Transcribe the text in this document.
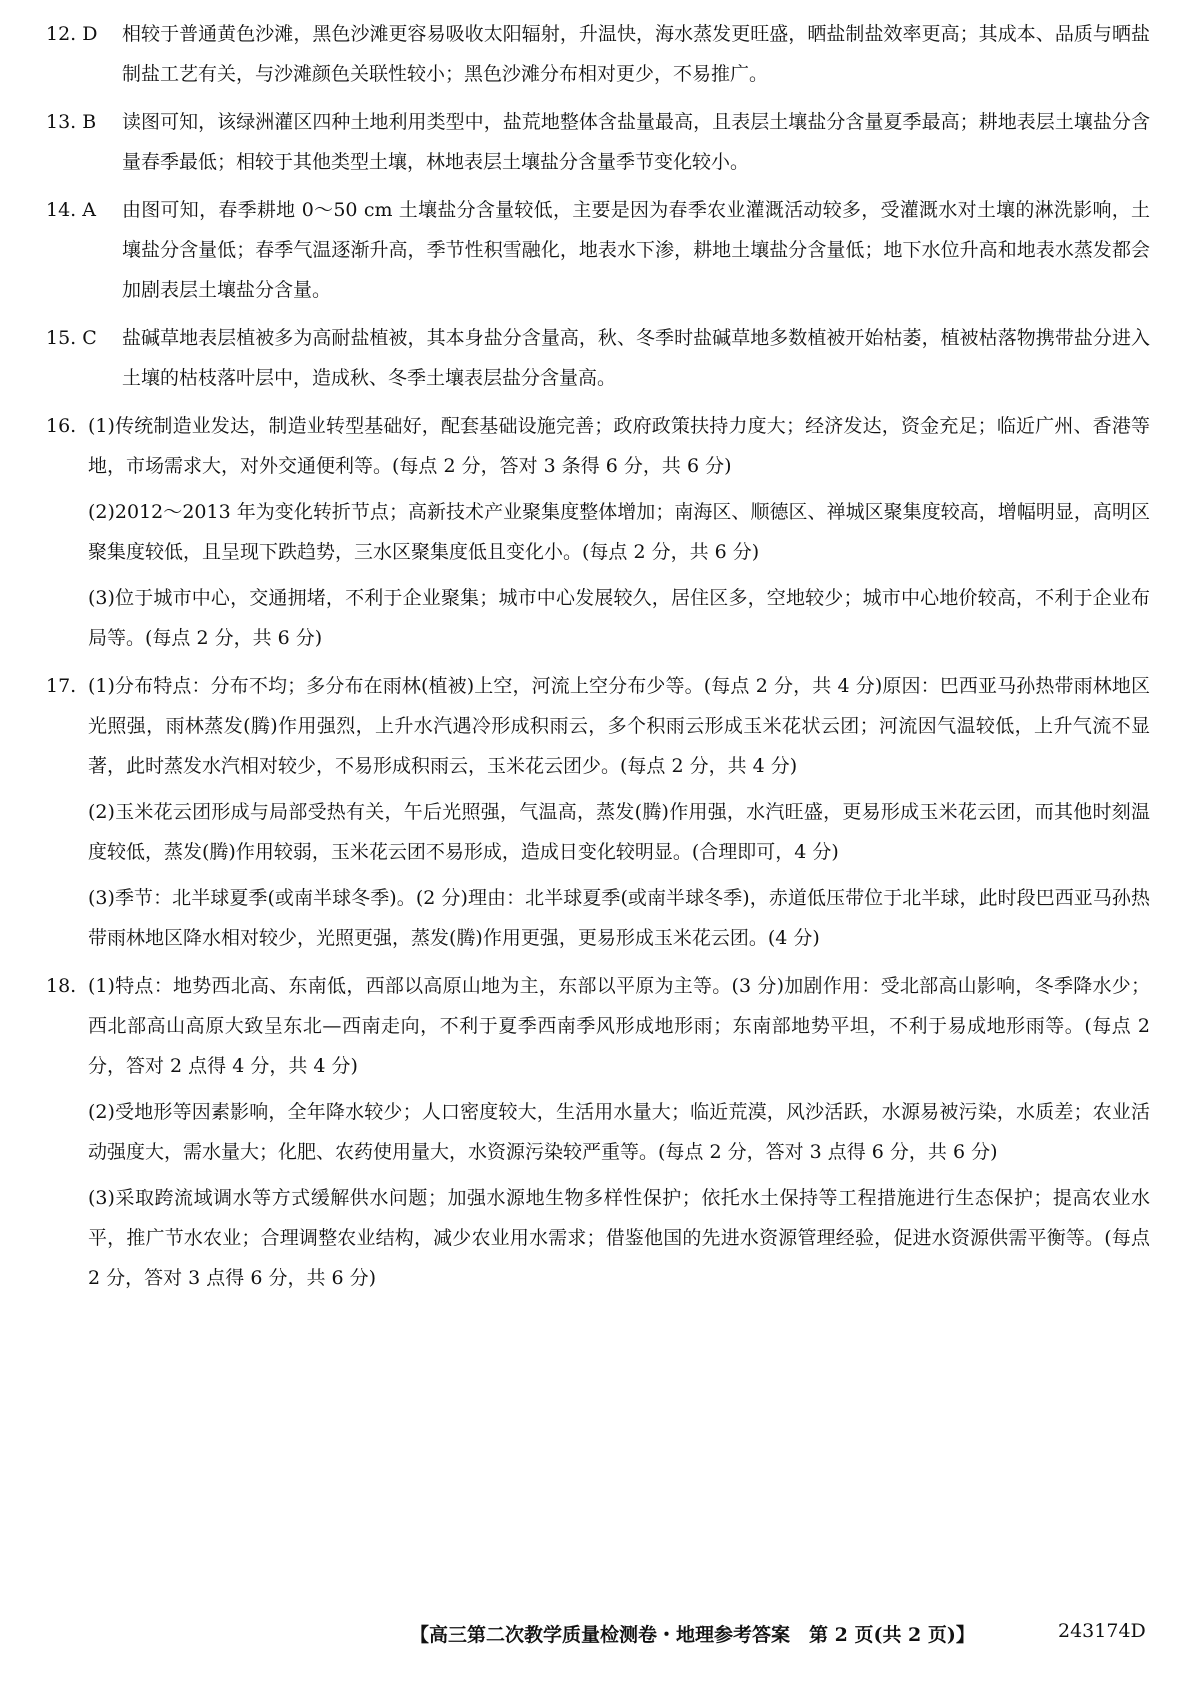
12. D	相较于普通黄色沙滩，黑色沙滩更容易吸收太阳辐射，升温快，海水蒸发更旺盛，晒盐制盐效率更高；其成本、品质与晒盐制盐工艺有关，与沙滩颜色关联性较小；黑色沙滩分布相对更少，不易推广。
13. B	读图可知，该绿洲灌区四种土地利用类型中，盐荒地整体含盐量最高，且表层土壤盐分含量夏季最高；耕地表层土壤盐分含量春季最低；相较于其他类型土壤，林地表层土壤盐分含量季节变化较小。
14. A	由图可知，春季耕地 0～50 cm 土壤盐分含量较低，主要是因为春季农业灌溉活动较多，受灌溉水对土壤的淋洗影响，土壤盐分含量低；春季气温逐渐升高，季节性积雪融化，地表水下渗，耕地土壤盐分含量低；地下水位升高和地表水蒸发都会加剧表层土壤盐分含量。
15. C	盐碱草地表层植被多为高耐盐植被，其本身盐分含量高，秋、冬季时盐碱草地多数植被开始枯萎，植被枯落物携带盐分进入土壤的枯枝落叶层中，造成秋、冬季土壤表层盐分含量高。
16. (1)传统制造业发达，制造业转型基础好，配套基础设施完善；政府政策扶持力度大；经济发达，资金充足；临近广州、香港等地，市场需求大，对外交通便利等。(每点 2 分，答对 3 条得 6 分，共 6 分)
(2)2012～2013 年为变化转折节点；高新技术产业聚集度整体增加；南海区、顺德区、禅城区聚集度较高，增幅明显，高明区聚集度较低，且呈现下跌趋势，三水区聚集度低且变化小。(每点 2 分，共 6 分)
(3)位于城市中心，交通拥堵，不利于企业聚集；城市中心发展较久，居住区多，空地较少；城市中心地价较高，不利于企业布局等。(每点 2 分，共 6 分)
17. (1)分布特点：分布不均；多分布在雨林(植被)上空，河流上空分布少等。(每点 2 分，共 4 分)原因：巴西亚马孙热带雨林地区光照强，雨林蒸发(腾)作用强烈，上升水汽遇冷形成积雨云，多个积雨云形成玉米花状云团；河流因气温较低，上升气流不显著，此时蒸发水汽相对较少，不易形成积雨云，玉米花云团少。(每点 2 分，共 4 分)
(2)玉米花云团形成与局部受热有关，午后光照强，气温高，蒸发(腾)作用强，水汽旺盛，更易形成玉米花云团，而其他时刻温度较低，蒸发(腾)作用较弱，玉米花云团不易形成，造成日变化较明显。(合理即可，4 分)
(3)季节：北半球夏季(或南半球冬季)。(2 分)理由：北半球夏季(或南半球冬季)，赤道低压带位于北半球，此时段巴西亚马孙热带雨林地区降水相对较少，光照更强，蒸发(腾)作用更强，更易形成玉米花云团。(4 分)
18. (1)特点：地势西北高、东南低，西部以高原山地为主，东部以平原为主等。(3 分)加剧作用：受北部高山影响，冬季降水少；西北部高山高原大致呈东北—西南走向，不利于夏季西南季风形成地形雨；东南部地势平坦，不利于易成地形雨等。(每点 2 分，答对 2 点得 4 分，共 4 分)
(2)受地形等因素影响，全年降水较少；人口密度较大，生活用水量大；临近荒漠，风沙活跃，水源易被污染，水质差；农业活动强度大，需水量大；化肥、农药使用量大，水资源污染较严重等。(每点 2 分，答对 3 点得 6 分，共 6 分)
(3)采取跨流域调水等方式缓解供水问题；加强水源地生物多样性保护；依托水土保持等工程措施进行生态保护；提高农业水平，推广节水农业；合理调整农业结构，减少农业用水需求；借鉴他国的先进水资源管理经验，促进水资源供需平衡等。(每点 2 分，答对 3 点得 6 分，共 6 分)
【高三第二次教学质量检测卷・地理参考答案　第 2 页(共 2 页)】	243174D
